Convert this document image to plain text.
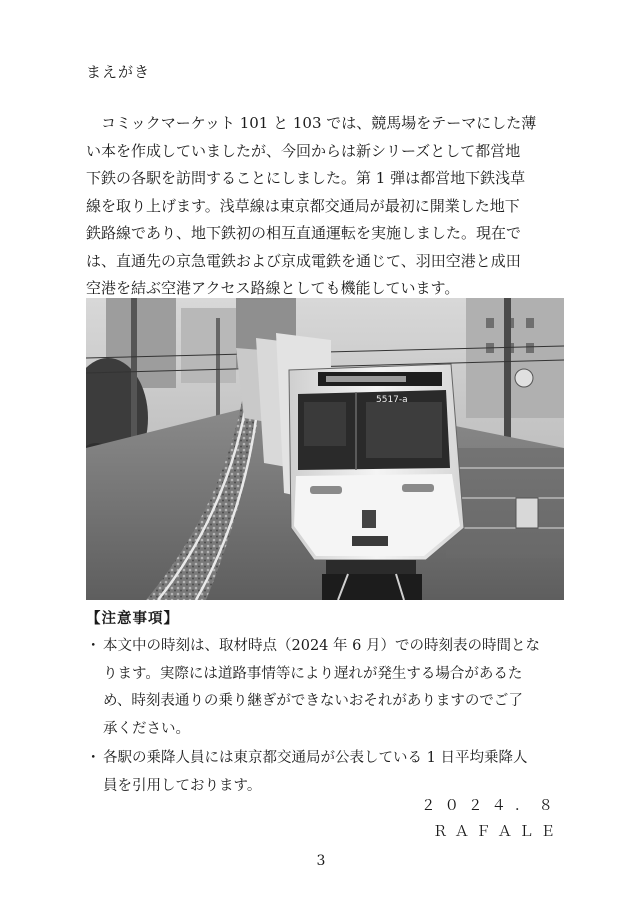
まえがき
　コミックマーケット 101 と 103 では、競馬場をテーマにした薄
い本を作成していましたが、今回からは新シリーズとして都営地
下鉄の各駅を訪問することにしました。第 1 弾は都営地下鉄浅草
線を取り上げます。浅草線は東京都交通局が最初に開業した地下
鉄路線であり、地下鉄初の相互直通運転を実施しました。現在で
は、直通先の京急電鉄および京成電鉄を通じて、羽田空港と成田
空港を結ぶ空港アクセス路線としても機能しています。
5517-a
【注意事項】
・ 本文中の時刻は、取材時点（2024 年 6 月）での時刻表の時間とな
ります。実際には道路事情等により遅れが発生する場合があるた
め、時刻表通りの乗り継ぎができないおそれがありますのでご了
承ください。
・ 各駅の乗降人員には東京都交通局が公表している 1 日平均乗降人
員を引用しております。
２０２４．８
ＲＡＦＡＬＥ
3
